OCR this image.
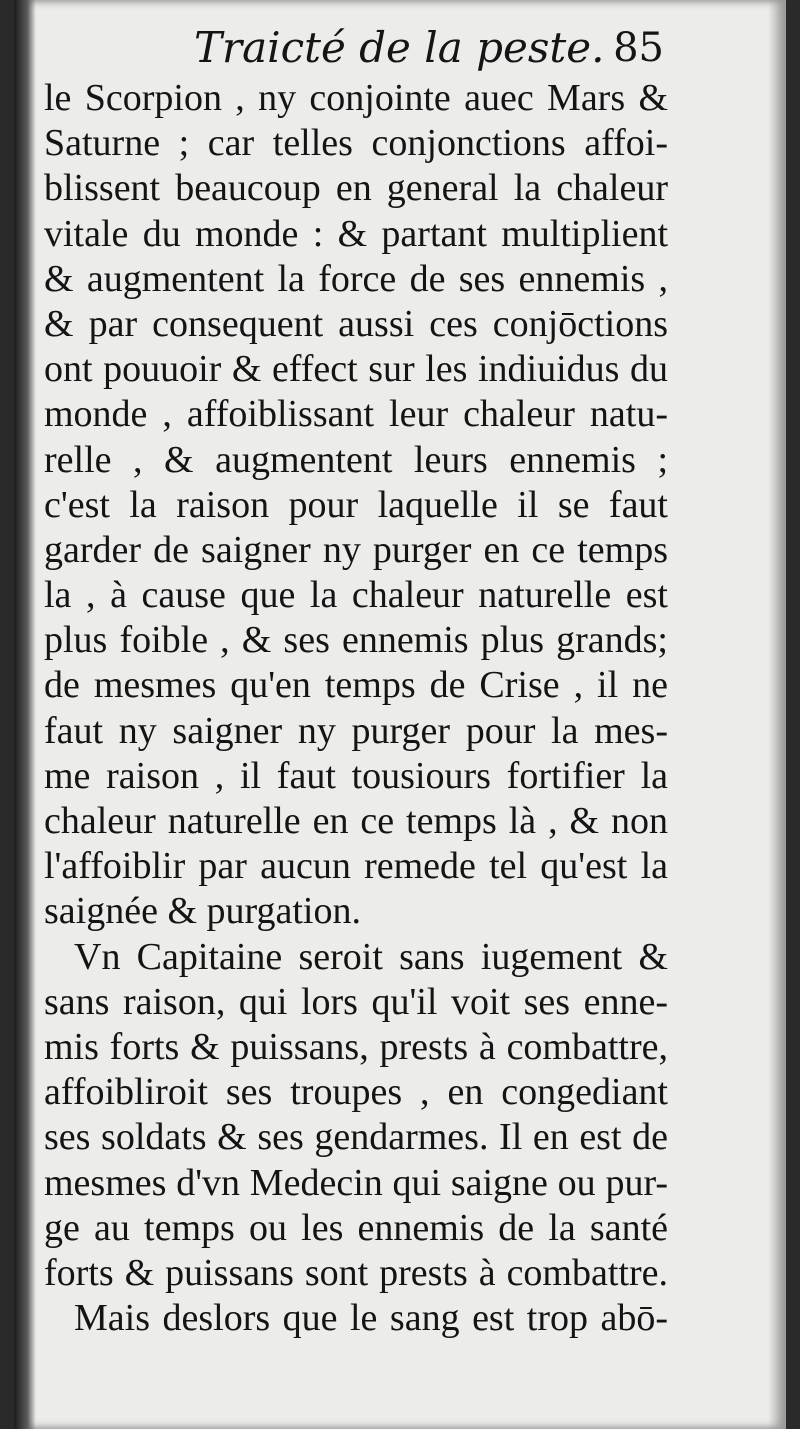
Traicté de la peste. 85
le Scorpion , ny conjointe auec Mars &
Saturne ; car telles conjonctions affoi-
blissent beaucoup en general la chaleur
vitale du monde : & partant multiplient
& augmentent la force de ses ennemis ,
& par consequent aussi ces conjōctions
ont pouuoir & effect sur les indiuidus du
monde , affoiblissant leur chaleur natu-
relle , & augmentent leurs ennemis ;
c'est la raison pour laquelle il se faut
garder de saigner ny purger en ce temps
la , à cause que la chaleur naturelle est
plus foible , & ses ennemis plus grands;
de mesmes qu'en temps de Crise , il ne
faut ny saigner ny purger pour la mes-
me raison , il faut tousiours fortifier la
chaleur naturelle en ce temps là , & non
l'affoiblir par aucun remede tel qu'est la
saignée & purgation.
Vn Capitaine seroit sans iugement &
sans raison, qui lors qu'il voit ses enne-
mis forts & puissans, prests à combattre,
affoibliroit ses troupes , en congediant
ses soldats & ses gendarmes. Il en est de
mesmes d'vn Medecin qui saigne ou pur-
ge au temps ou les ennemis de la santé
forts & puissans sont prests à combattre.
Mais deslors que le sang est trop abō-
